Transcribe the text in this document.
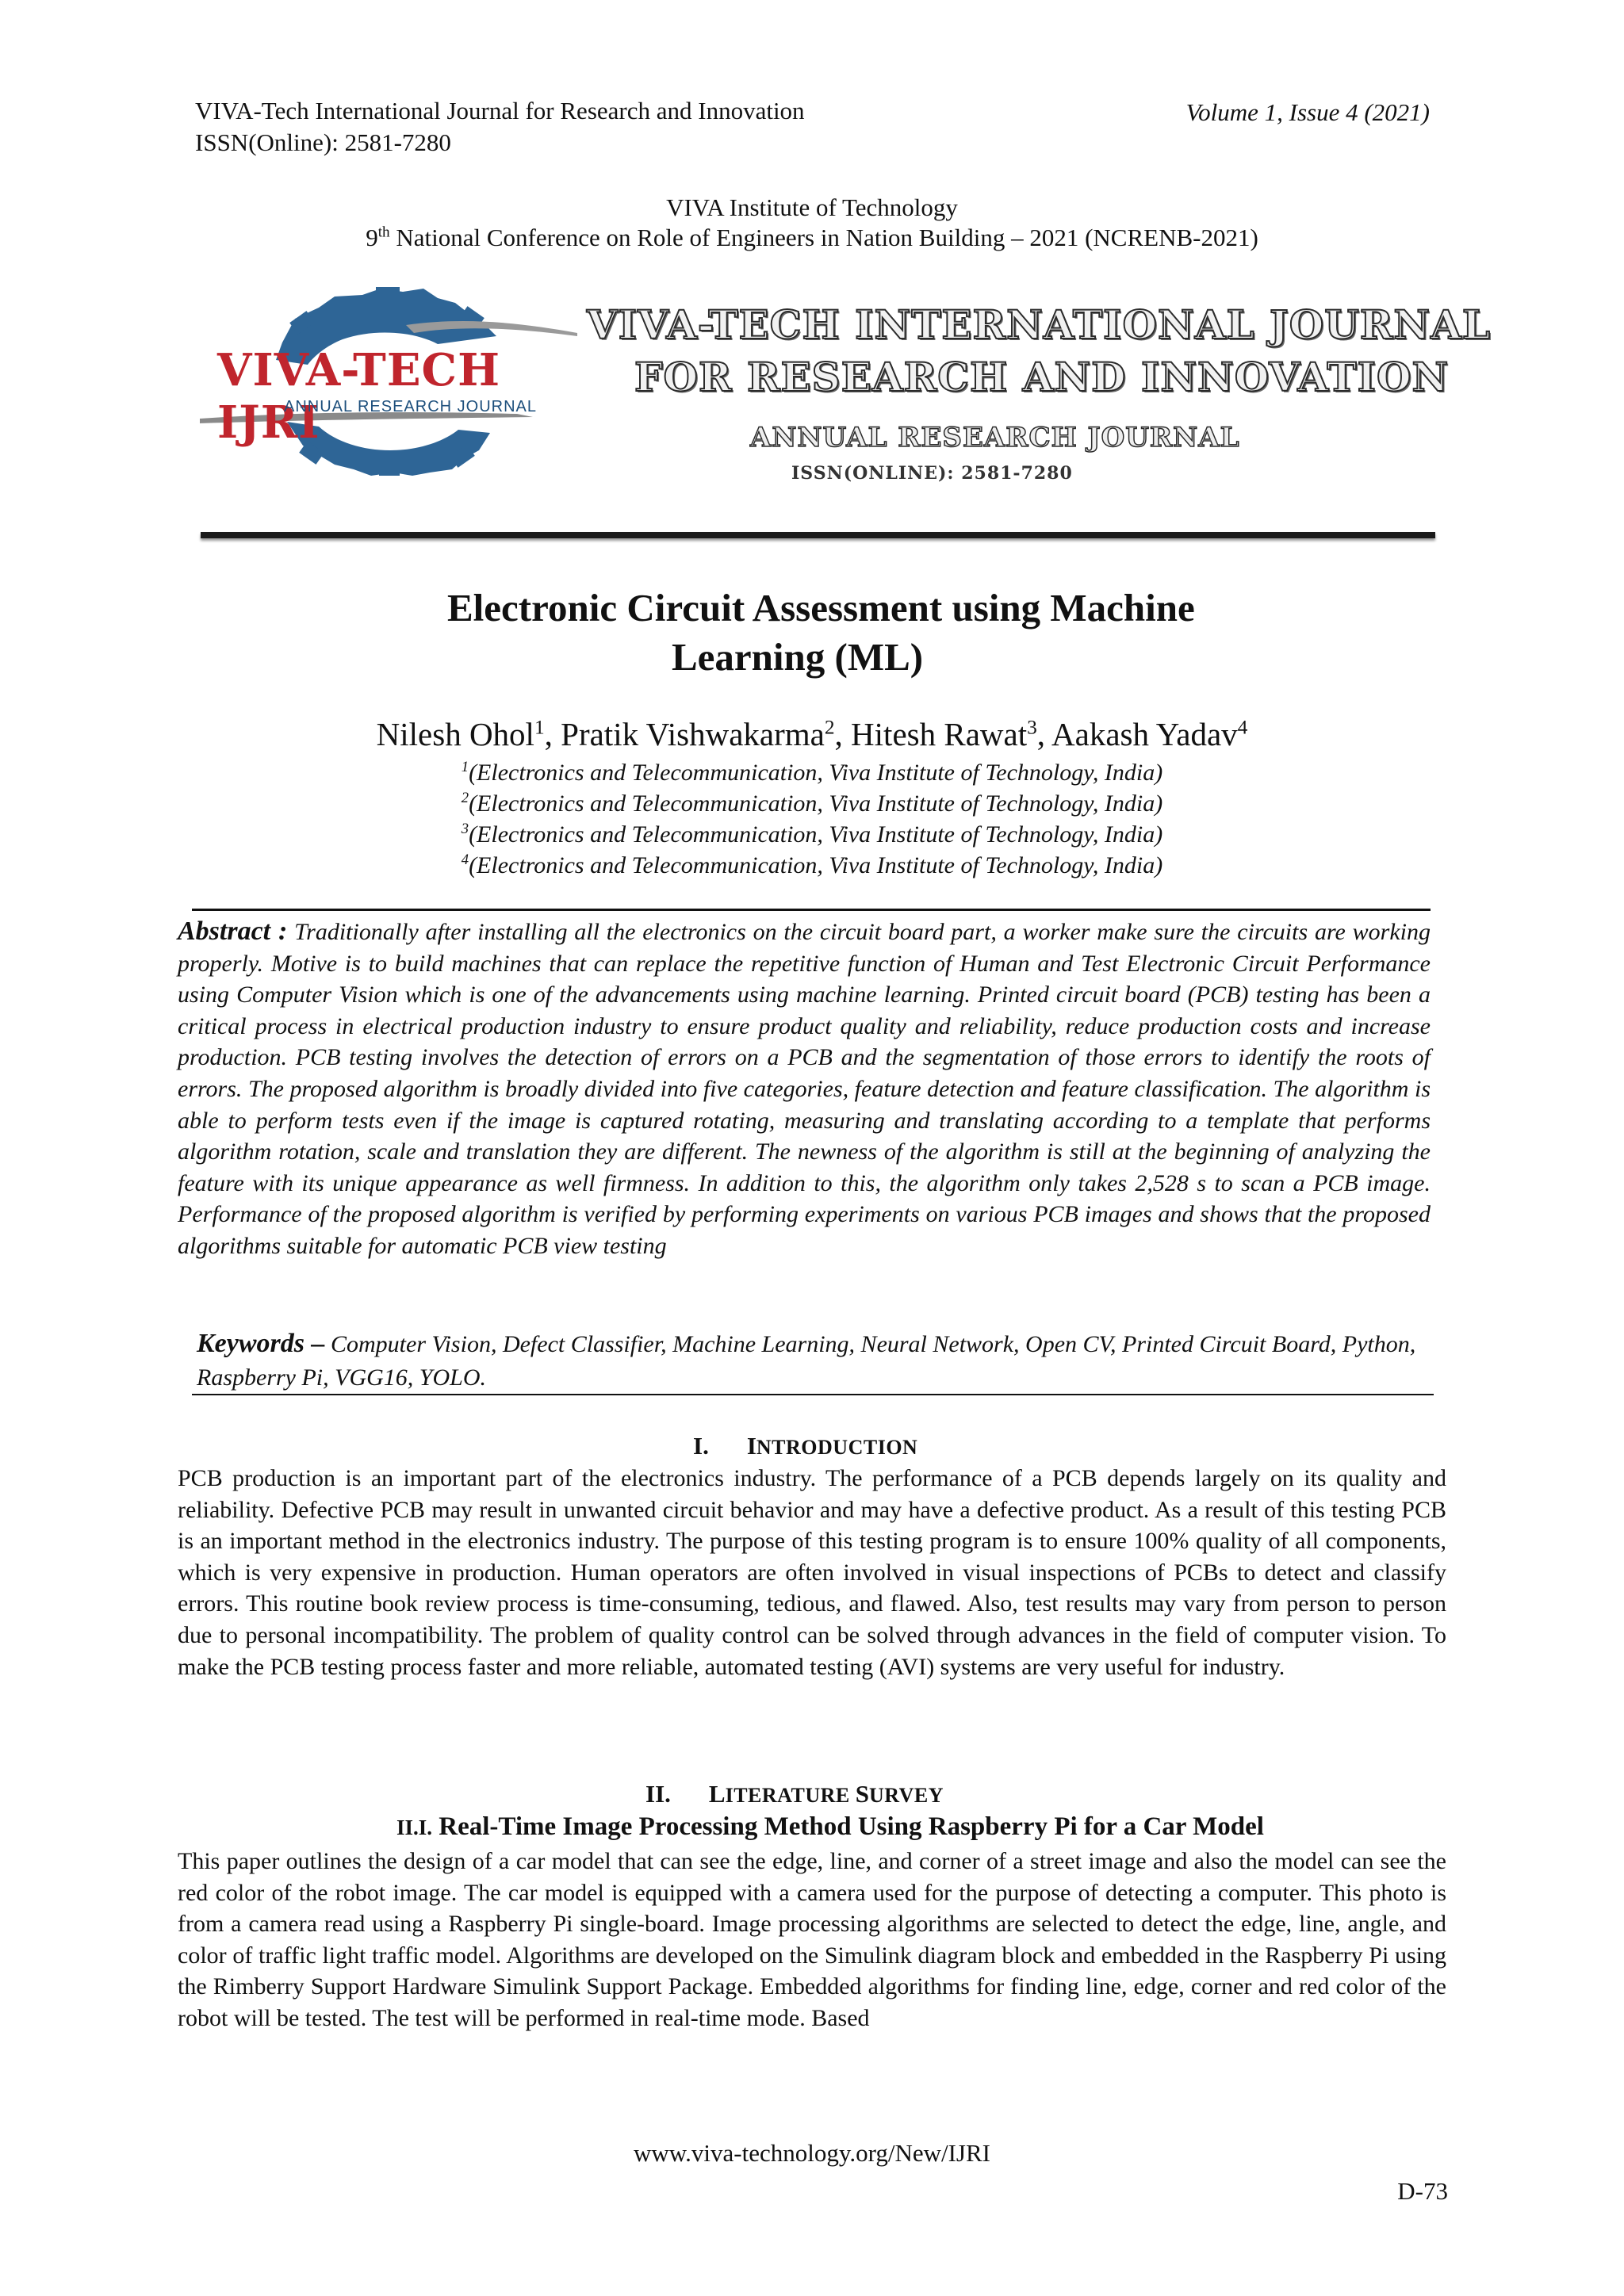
VIVA-Tech International Journal for Research and Innovation
ISSN(Online): 2581-7280
Volume 1, Issue 4 (2021)
VIVA Institute of Technology
9th National Conference on Role of Engineers in Nation Building – 2021 (NCRENB-2021)
VIVA-TECH IJRI
ANNUAL RESEARCH JOURNAL
VIVA-TECH INTERNATIONAL JOURNAL
FOR RESEARCH AND INNOVATION
ANNUAL RESEARCH JOURNAL
ISSN(ONLINE): 2581-7280
Electronic Circuit Assessment using Machine
Learning (ML)
Nilesh Ohol$^1$, Pratik Vishwakarma$^2$, Hitesh Rawat$^3$, Aakash Yadav$^4$
$^1$(Electronics and Telecommunication, Viva Institute of Technology, India)
$^2$(Electronics and Telecommunication, Viva Institute of Technology, India)
$^3$(Electronics and Telecommunication, Viva Institute of Technology, India)
$^4$(Electronics and Telecommunication, Viva Institute of Technology, India)
Abstract : Traditionally after installing all the electronics on the circuit board part, a worker make sure the circuits are working properly. Motive is to build machines that can replace the repetitive function of Human and Test Electronic Circuit Performance using Computer Vision which is one of the advancements using machine learning. Printed circuit board (PCB) testing has been a critical process in electrical production industry to ensure product quality and reliability, reduce production costs and increase production. PCB testing involves the detection of errors on a PCB and the segmentation of those errors to identify the roots of errors. The proposed algorithm is broadly divided into five categories, feature detection and feature classification. The algorithm is able to perform tests even if the image is captured rotating, measuring and translating according to a template that performs algorithm rotation, scale and translation they are different. The newness of the algorithm is still at the beginning of analyzing the feature with its unique appearance as well firmness. In addition to this, the algorithm only takes 2,528 s to scan a PCB image. Performance of the proposed algorithm is verified by performing experiments on various PCB images and shows that the proposed algorithms suitable for automatic PCB view testing
Keywords – Computer Vision, Defect Classifier, Machine Learning, Neural Network, Open CV, Printed Circuit Board, Python, Raspberry Pi, VGG16, YOLO.
I. INTRODUCTION
PCB production is an important part of the electronics industry. The performance of a PCB depends largely on its quality and reliability. Defective PCB may result in unwanted circuit behavior and may have a defective product. As a result of this testing PCB is an important method in the electronics industry. The purpose of this testing program is to ensure 100% quality of all components, which is very expensive in production. Human operators are often involved in visual inspections of PCBs to detect and classify errors. This routine book review process is time-consuming, tedious, and flawed. Also, test results may vary from person to person due to personal incompatibility. The problem of quality control can be solved through advances in the field of computer vision. To make the PCB testing process faster and more reliable, automated testing (AVI) systems are very useful for industry.
II. LITERATURE SURVEY
II.I. Real-Time Image Processing Method Using Raspberry Pi for a Car Model
This paper outlines the design of a car model that can see the edge, line, and corner of a street image and also the model can see the red color of the robot image. The car model is equipped with a camera used for the purpose of detecting a computer. This photo is from a camera read using a Raspberry Pi single-board. Image processing algorithms are selected to detect the edge, line, angle, and color of traffic light traffic model. Algorithms are developed on the Simulink diagram block and embedded in the Raspberry Pi using the Rimberry Support Hardware Simulink Support Package. Embedded algorithms for finding line, edge, corner and red color of the robot will be tested. The test will be performed in real-time mode. Based
www.viva-technology.org/New/IJRI
D-73
